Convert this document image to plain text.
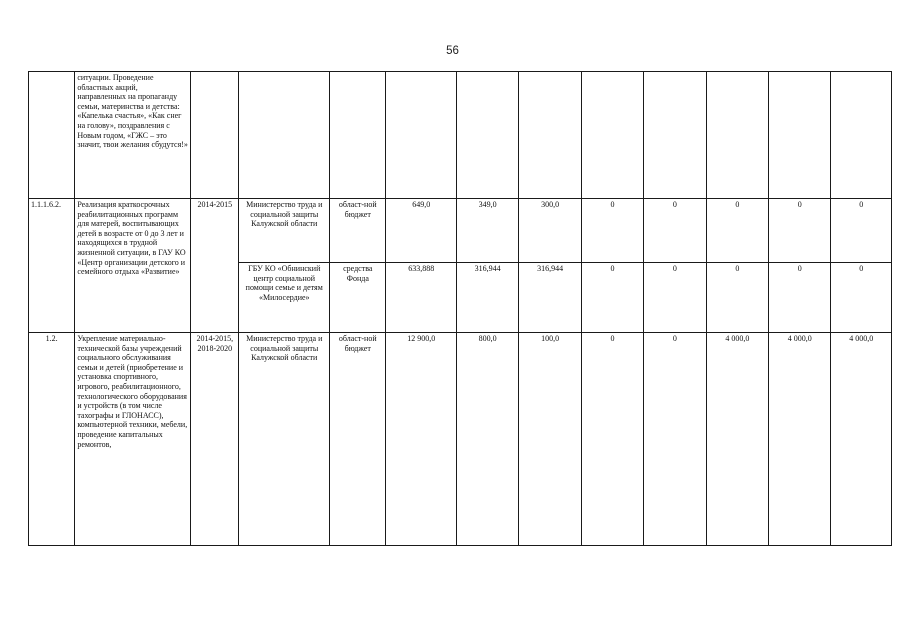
56
	ситуации. Проведение областных акций, направленных на пропаганду семьи, материнства и детства: «Капелька счастья», «Как снег на голову», поздравления с Новым годом, «ГЖС – это значит, твои желания сбудутся!»											
1.1.1.6.2.	Реализация краткосрочных реабилитационных программ для матерей, воспитывающих детей в возрасте от 0 до 3 лет и находящихся в трудной жизненной ситуации, в ГАУ КО «Центр организации детского и семейного отдыха «Развитие»	2014-2015	Министерство труда и социальной защиты Калужской области	област-ной бюджет	649,0	349,0	300,0	0	0	0	0	0
			ГБУ КО «Обнинский центр социальной помощи семье и детям «Милосердие»	средства Фонда	633,888	316,944	316,944	0	0	0	0	0
1.2.	Укрепление материально-технической базы учреждений социального обслуживания семьи и детей (приобретение и установка спортивного, игрового, реабилитационного, технологического оборудования и устройств (в том числе тахографы и ГЛОНАСС), компьютерной техники, мебели, проведение капитальных ремонтов,	2014-2015, 2018-2020	Министерство труда и социальной защиты Калужской области	област-ной бюджет	12 900,0	800,0	100,0	0	0	4 000,0	4 000,0	4 000,0
